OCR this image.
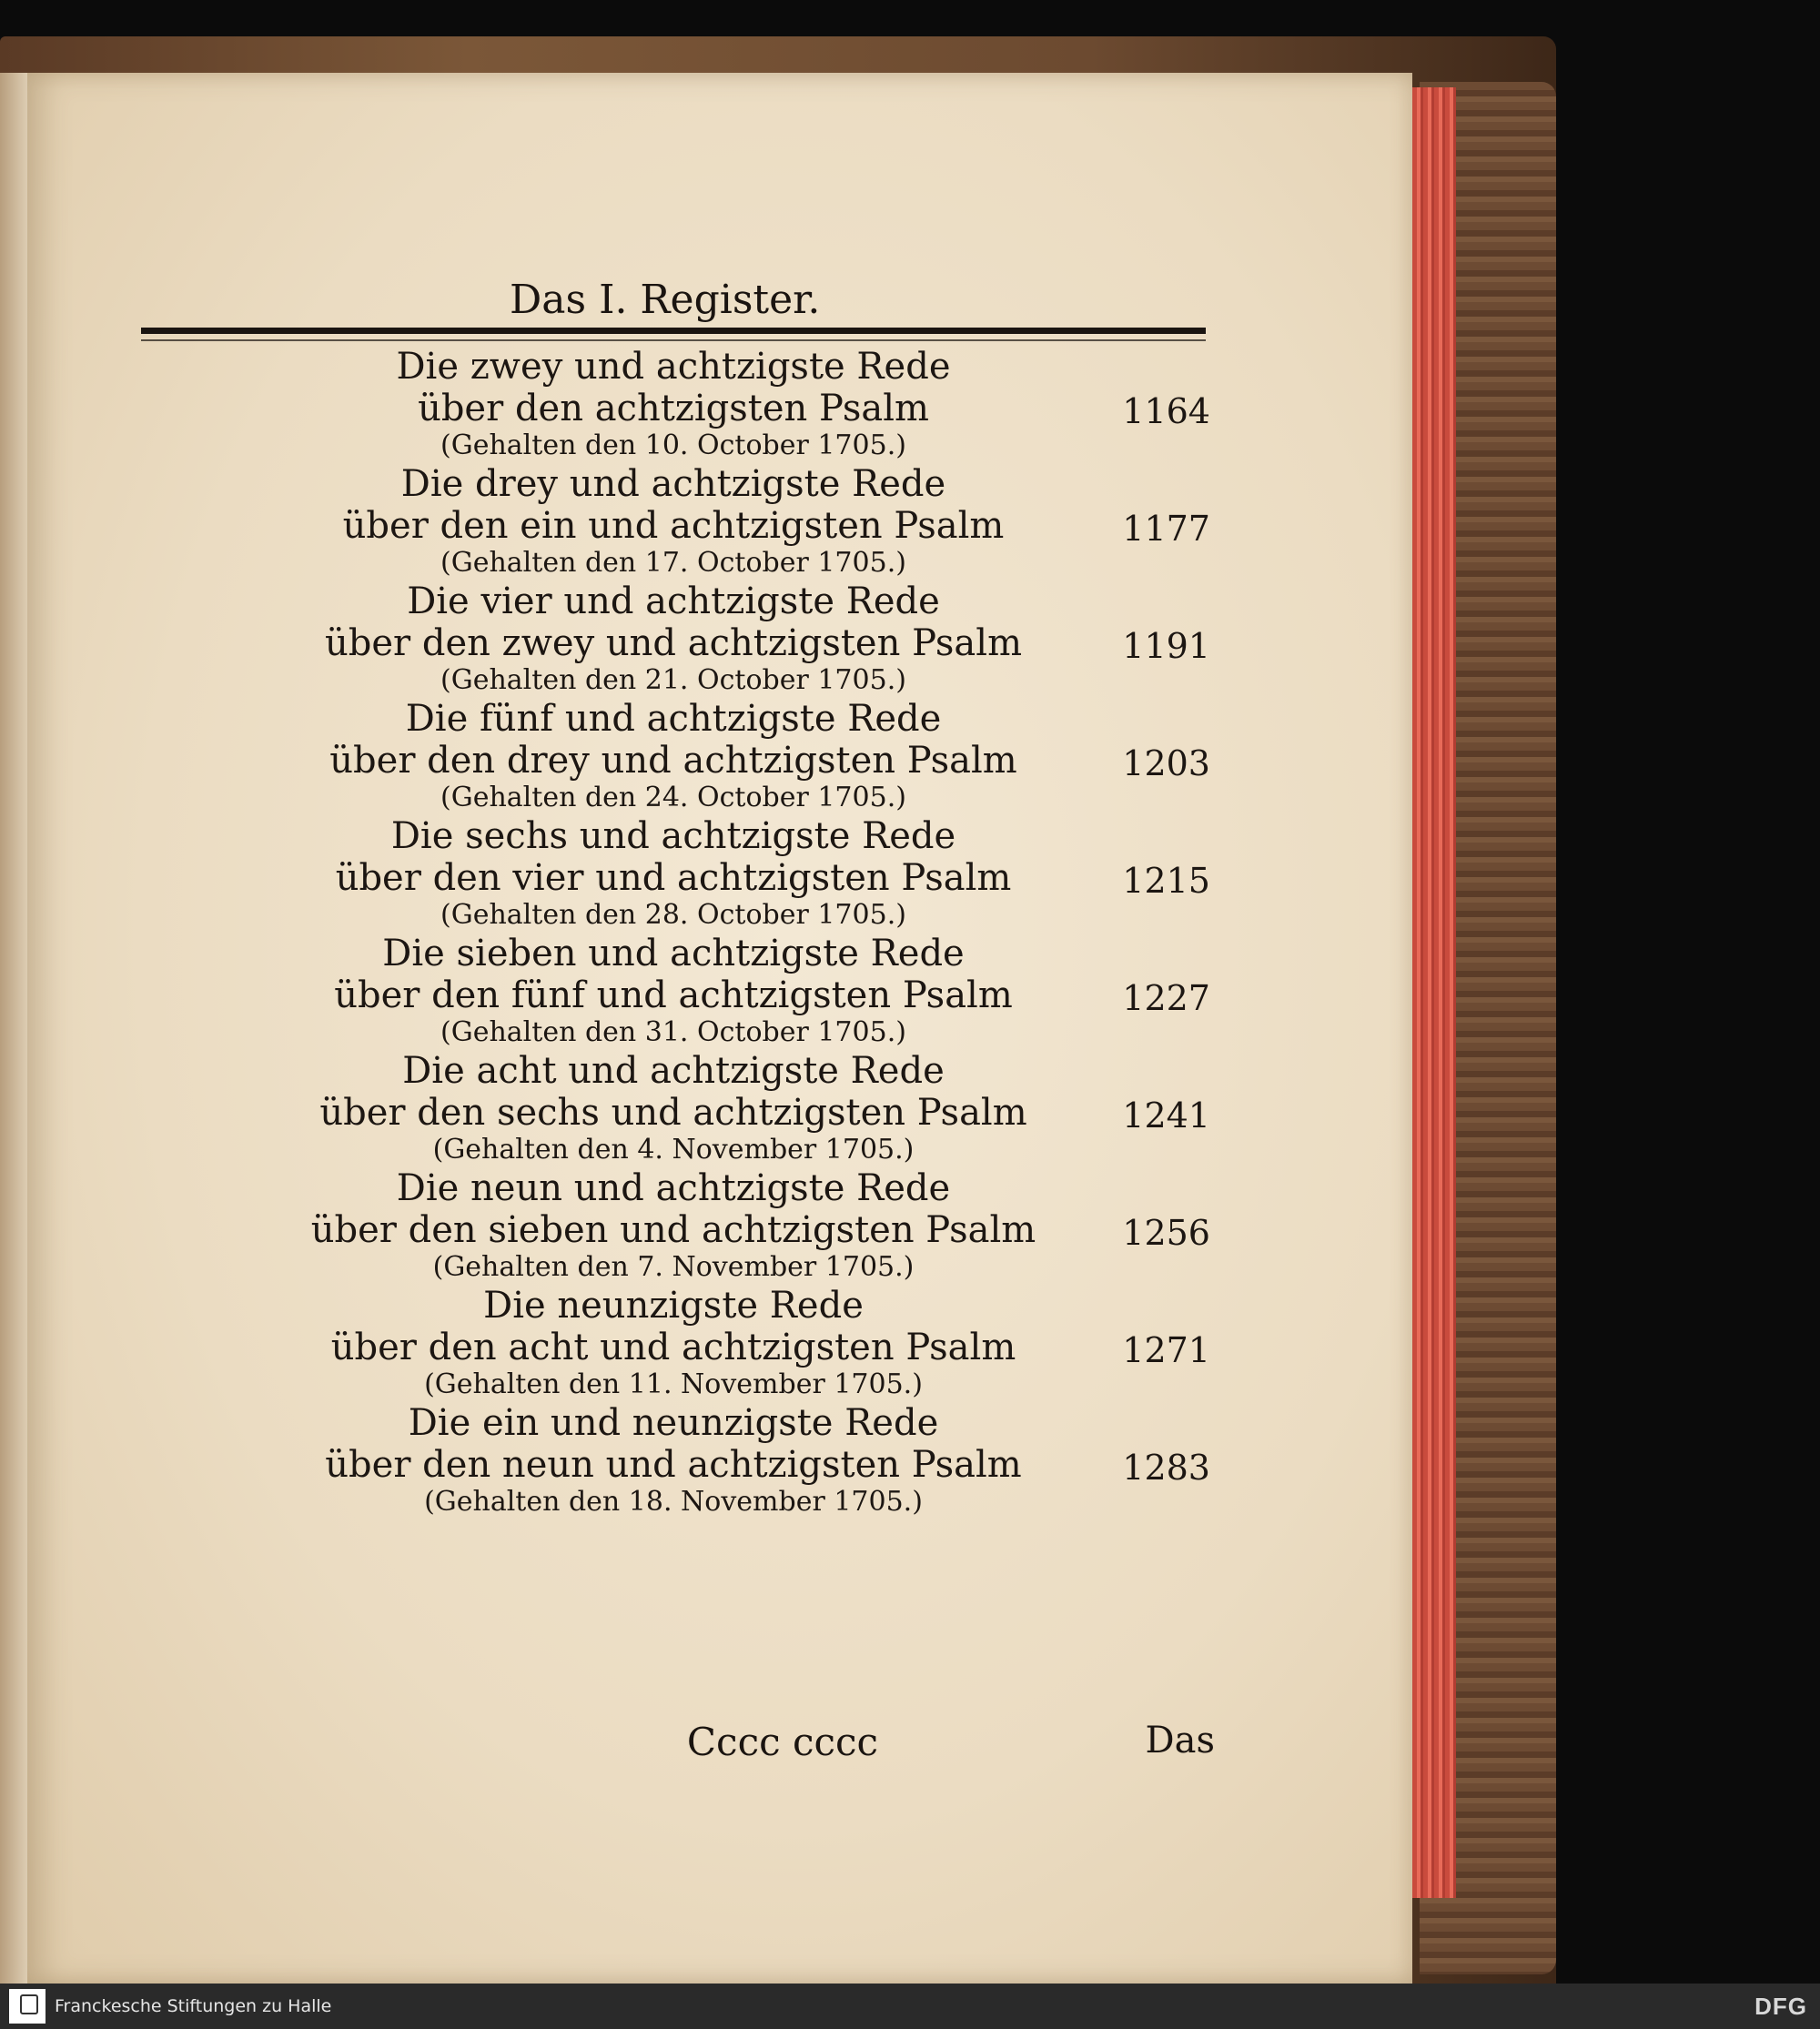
Das I. Register.
Die zwey und achtzigste Rede
über den achtzigsten Psalm
(Gehalten den 10. October 1705.)
1164
Die drey und achtzigste Rede
über den ein und achtzigsten Psalm
(Gehalten den 17. October 1705.)
1177
Die vier und achtzigste Rede
über den zwey und achtzigsten Psalm
(Gehalten den 21. October 1705.)
1191
Die fünf und achtzigste Rede
über den drey und achtzigsten Psalm
(Gehalten den 24. October 1705.)
1203
Die sechs und achtzigste Rede
über den vier und achtzigsten Psalm
(Gehalten den 28. October 1705.)
1215
Die sieben und achtzigste Rede
über den fünf und achtzigsten Psalm
(Gehalten den 31. October 1705.)
1227
Die acht und achtzigste Rede
über den sechs und achtzigsten Psalm
(Gehalten den 4. November 1705.)
1241
Die neun und achtzigste Rede
über den sieben und achtzigsten Psalm
(Gehalten den 7. November 1705.)
1256
Die neunzigste Rede
über den acht und achtzigsten Psalm
(Gehalten den 11. November 1705.)
1271
Die ein und neunzigste Rede
über den neun und achtzigsten Psalm
(Gehalten den 18. November 1705.)
1283
Cccc cccc	Das
Franckesche Stiftungen zu Halle	DFG
